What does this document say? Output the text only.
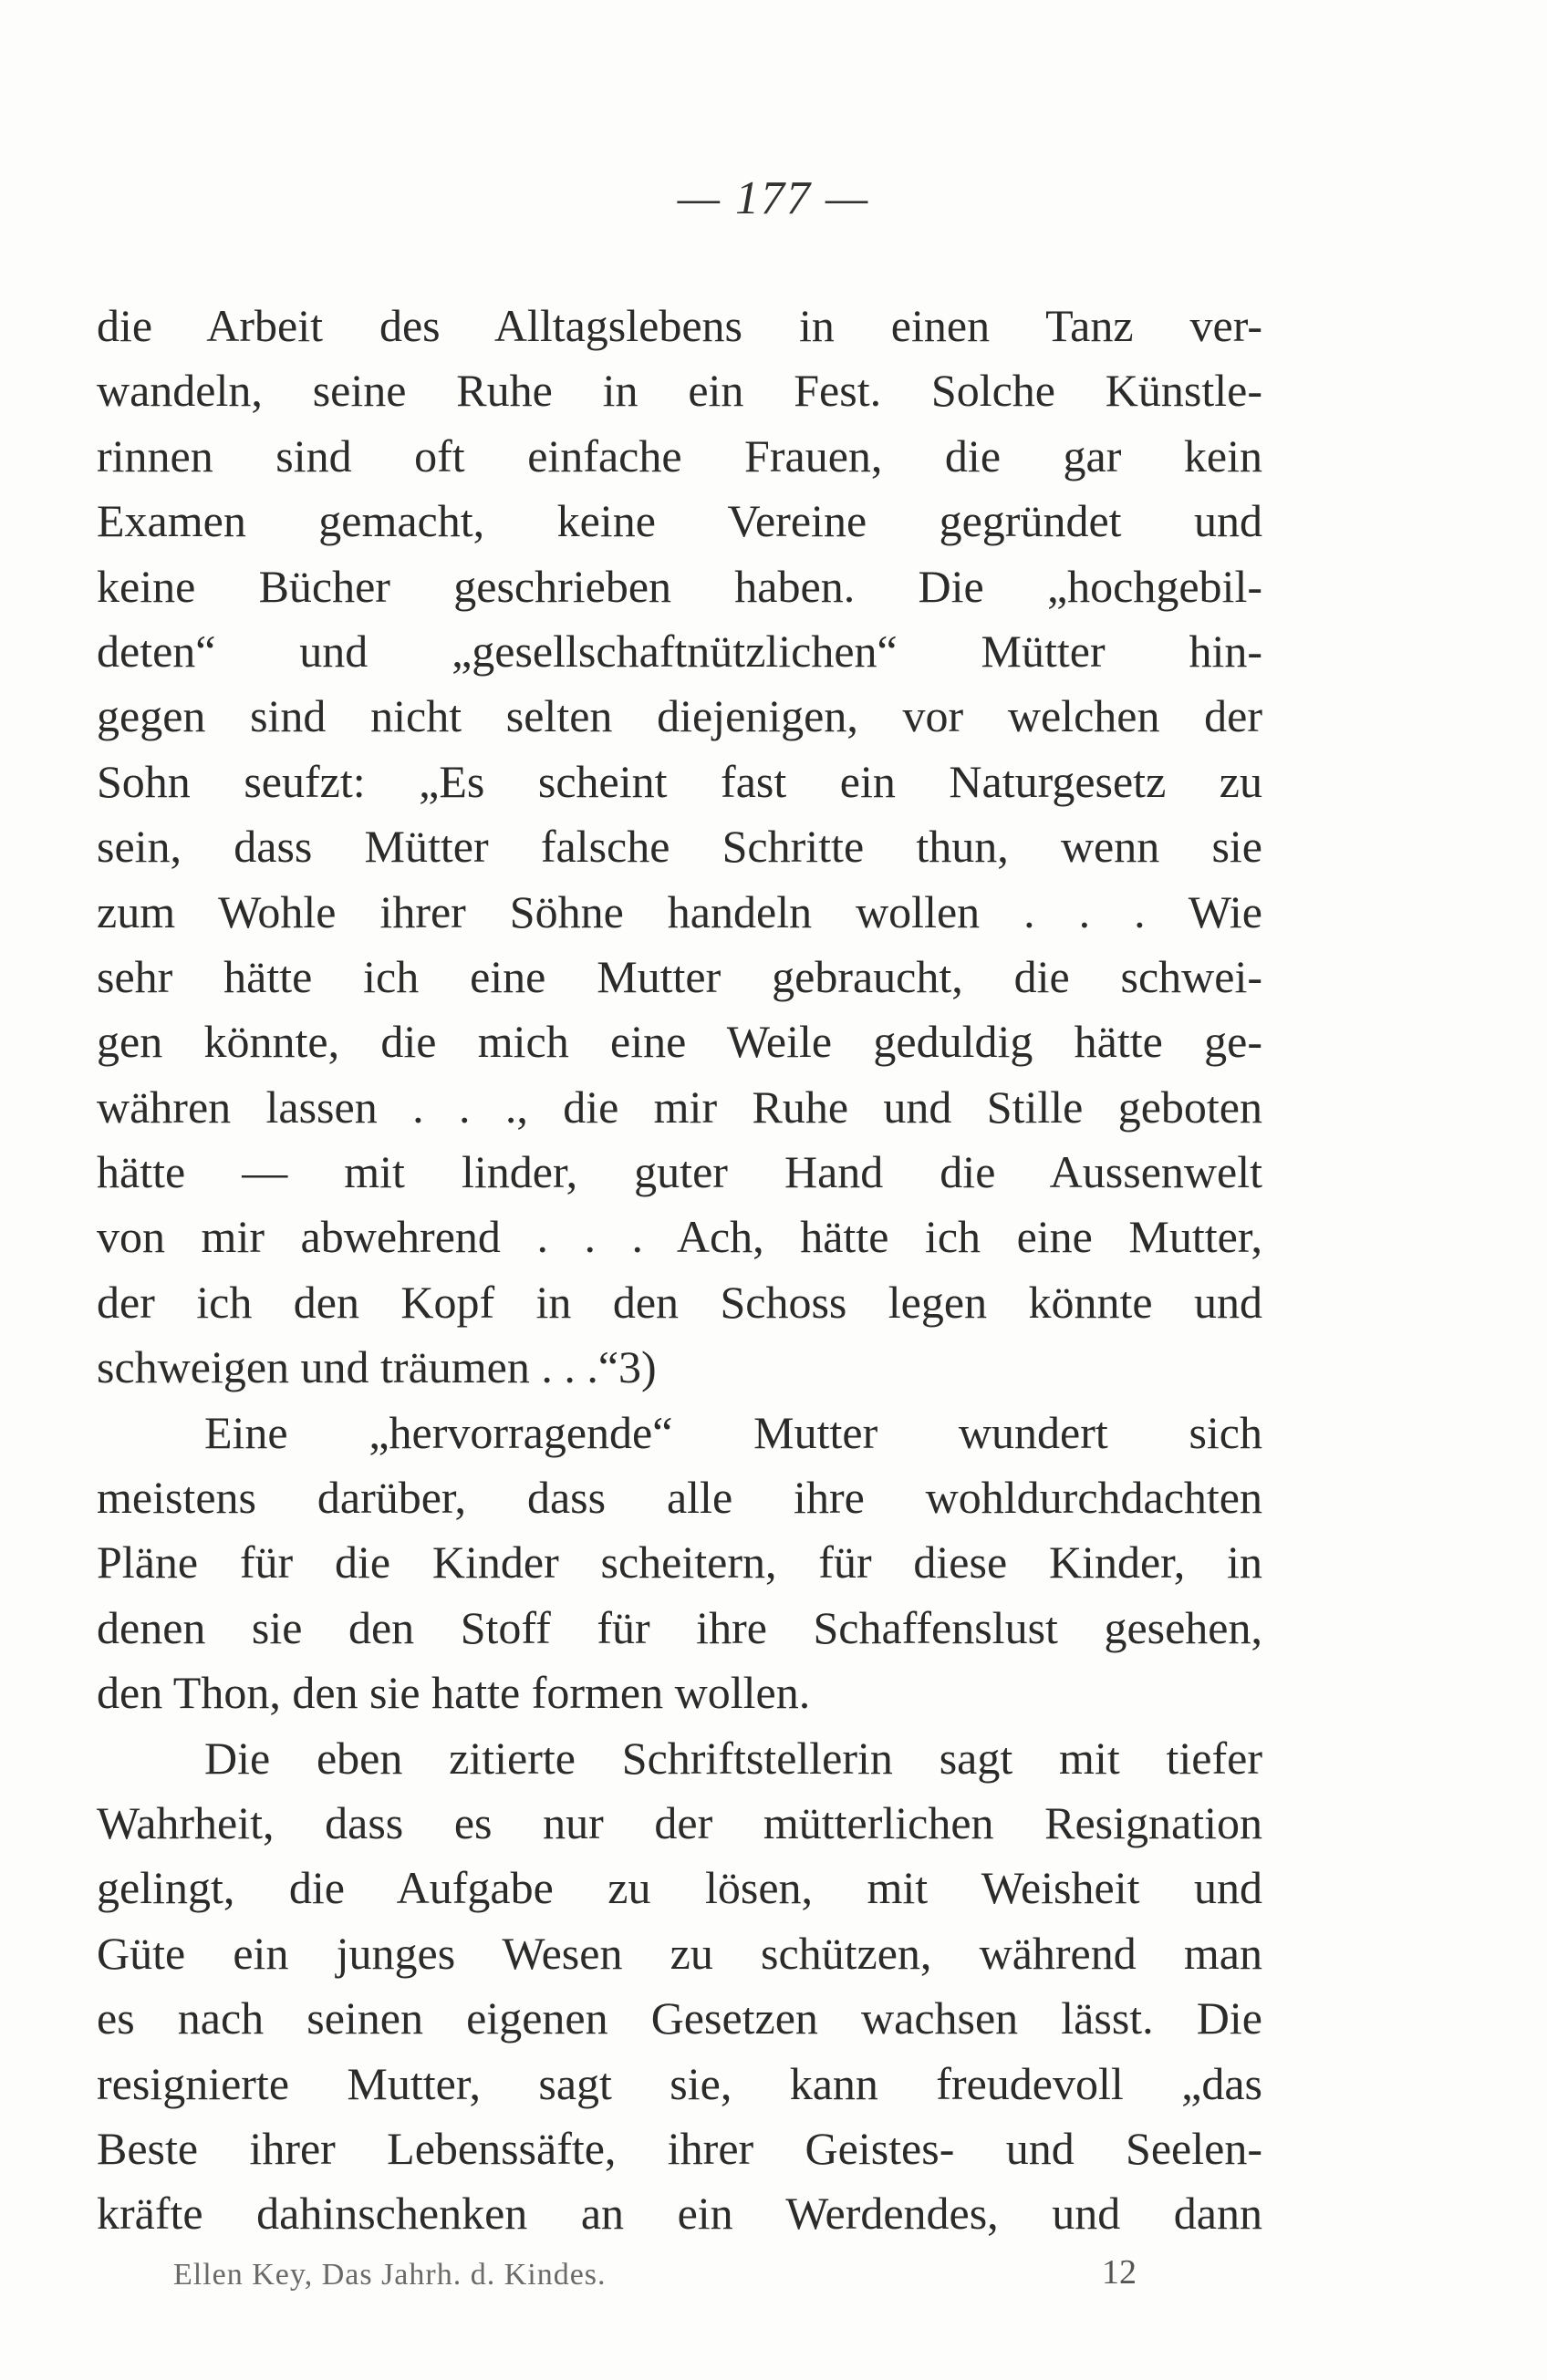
— 177 —
die Arbeit des Alltagslebens in einen Tanz ver-
wandeln, seine Ruhe in ein Fest. Solche Künstle-
rinnen sind oft einfache Frauen, die gar kein
Examen gemacht, keine Vereine gegründet und
keine Bücher geschrieben haben. Die „hochgebil-
deten“ und „gesellschaftnützlichen“ Mütter hin-
gegen sind nicht selten diejenigen, vor welchen der
Sohn seufzt: „Es scheint fast ein Naturgesetz zu
sein, dass Mütter falsche Schritte thun, wenn sie
zum Wohle ihrer Söhne handeln wollen . . . Wie
sehr hätte ich eine Mutter gebraucht, die schwei-
gen könnte, die mich eine Weile geduldig hätte ge-
währen lassen . . ., die mir Ruhe und Stille geboten
hätte — mit linder, guter Hand die Aussenwelt
von mir abwehrend . . . Ach, hätte ich eine Mutter,
der ich den Kopf in den Schoss legen könnte und
schweigen und träumen . . .“3)
Eine „hervorragende“ Mutter wundert sich
meistens darüber, dass alle ihre wohldurchdachten
Pläne für die Kinder scheitern, für diese Kinder, in
denen sie den Stoff für ihre Schaffenslust gesehen,
den Thon, den sie hatte formen wollen.
Die eben zitierte Schriftstellerin sagt mit tiefer
Wahrheit, dass es nur der mütterlichen Resignation
gelingt, die Aufgabe zu lösen, mit Weisheit und
Güte ein junges Wesen zu schützen, während man
es nach seinen eigenen Gesetzen wachsen lässt. Die
resignierte Mutter, sagt sie, kann freudevoll „das
Beste ihrer Lebenssäfte, ihrer Geistes- und Seelen-
kräfte dahinschenken an ein Werdendes, und dann
Ellen Key, Das Jahrh. d. Kindes.	12
